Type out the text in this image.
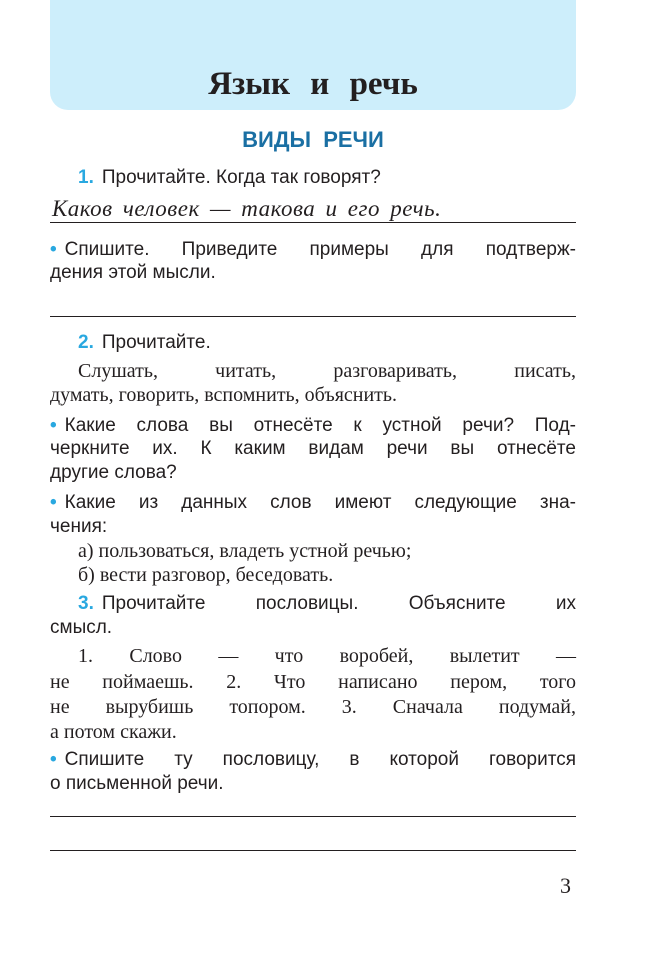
Язык и речь
ВИДЫ РЕЧИ
1. Прочитайте. Когда так говорят?
Каков человек — такова и его речь.
• Спишите. Приведите примеры для подтверж-
дения этой мысли.
2. Прочитайте.
Слушать, читать, разговаривать, писать,
думать, говорить, вспомнить, объяснить.
• Какие слова вы отнесёте к устной речи? Под-
черкните их. К каким видам речи вы отнесёте
другие слова?
• Какие из данных слов имеют следующие зна-
чения:
а) пользоваться, владеть устной речью;
б) вести разговор, беседовать.
3. Прочитайте пословицы. Объясните их
смысл.
1. Слово — что воробей, вылетит —
не поймаешь. 2. Что написано пером, того
не вырубишь топором. 3. Сначала подумай,
а потом скажи.
• Спишите ту пословицу, в которой говорится
о письменной речи.
3
